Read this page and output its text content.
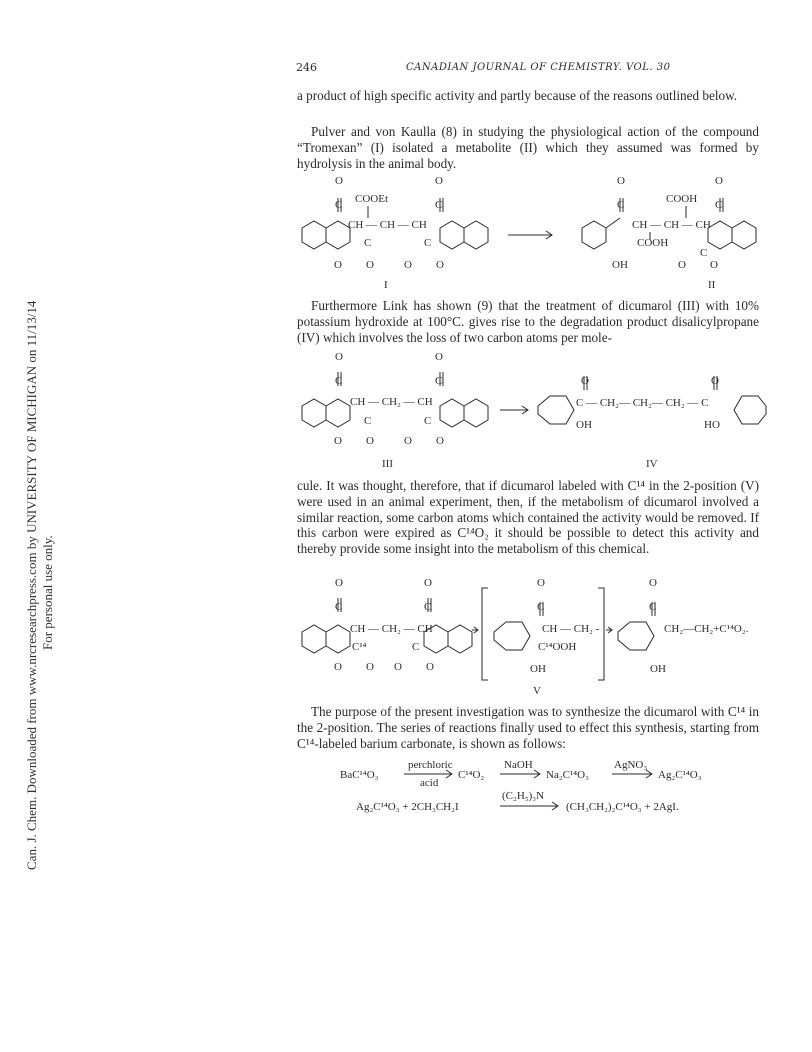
Can. J. Chem. Downloaded from www.nrcresearchpress.com by UNIVERSITY OF MICHIGAN on 11/13/14 For personal use only.
246	CANADIAN JOURNAL OF CHEMISTRY. VOL. 30
a product of high specific activity and partly because of the reasons outlined below.
Pulver and von Kaulla (8) in studying the physiological action of the compound “Tromexan” (I) isolated a metabolite (II) which they assumed was formed by hydrolysis in the animal body.
O
C
O
C
COOEt
CH — CH — CH
C	C
O O	O O
I
O
C
O
C
COOH
CH — CH — CH
COOH
C
OH	O O
II
Furthermore Link has shown (9) that the treatment of dicumarol (III) with 10% potassium hydroxide at 100°C. gives rise to the degradation product disalicylpropane (IV) which involves the loss of two carbon atoms per mole-
O
C
O
C
CH — CH₂ — CH
C	C
O O	O O
III
O	O
C — CH₂— CH₂— CH₂ — C
OH	HO
IV
cule. It was thought, therefore, that if dicumarol labeled with C¹⁴ in the 2-position (V) were used in an animal experiment, then, if the metabolism of dicumarol involved a similar reaction, some carbon atoms which contained the activity would be removed. If this carbon were expired as C¹⁴O₂ it should be possible to detect this activity and thereby provide some insight into the metabolism of this chemical.
O
C
O
C
CH — CH₂ — CH
C¹⁴	C
O O O O
O
C
CH — CH₂ -
C¹⁴OOH
OH
O
C
CH₂—CH₂+C¹⁴O₂.
OH
V
The purpose of the present investigation was to synthesize the dicumarol with C¹⁴ in the 2-position. The series of reactions finally used to effect this synthesis, starting from C¹⁴-labeled barium carbonate, is shown as follows:
BaC¹⁴O₃
perchloric
acid
C¹⁴O₂
NaOH
Na₂C¹⁴O₃
AgNO₃
Ag₂C¹⁴O₃
Ag₂C¹⁴O₃ + 2CH₃CH₂I
(C₂H₅)₃N
(CH₃CH₂)₂C¹⁴O₃ + 2AgI.
